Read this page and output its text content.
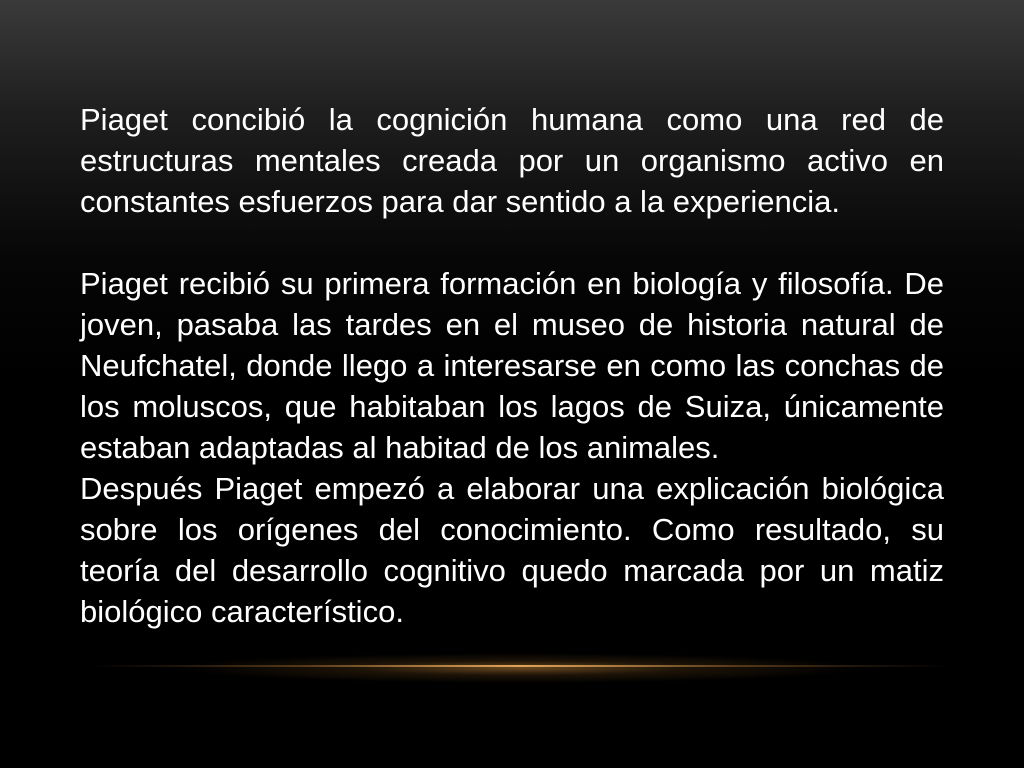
Piaget concibió la cognición humana como una red de estructuras mentales creada por un organismo activo en constantes esfuerzos para dar sentido a la experiencia.

Piaget recibió su primera formación en biología y filosofía. De joven, pasaba las tardes en el museo de historia natural de Neufchatel, donde llego a interesarse en como las conchas de los moluscos, que habitaban los lagos de Suiza, únicamente estaban adaptadas al habitad de los animales.

Después Piaget empezó a elaborar una explicación biológica sobre los orígenes del conocimiento. Como resultado, su teoría del desarrollo cognitivo quedo marcada por un matiz biológico característico.
